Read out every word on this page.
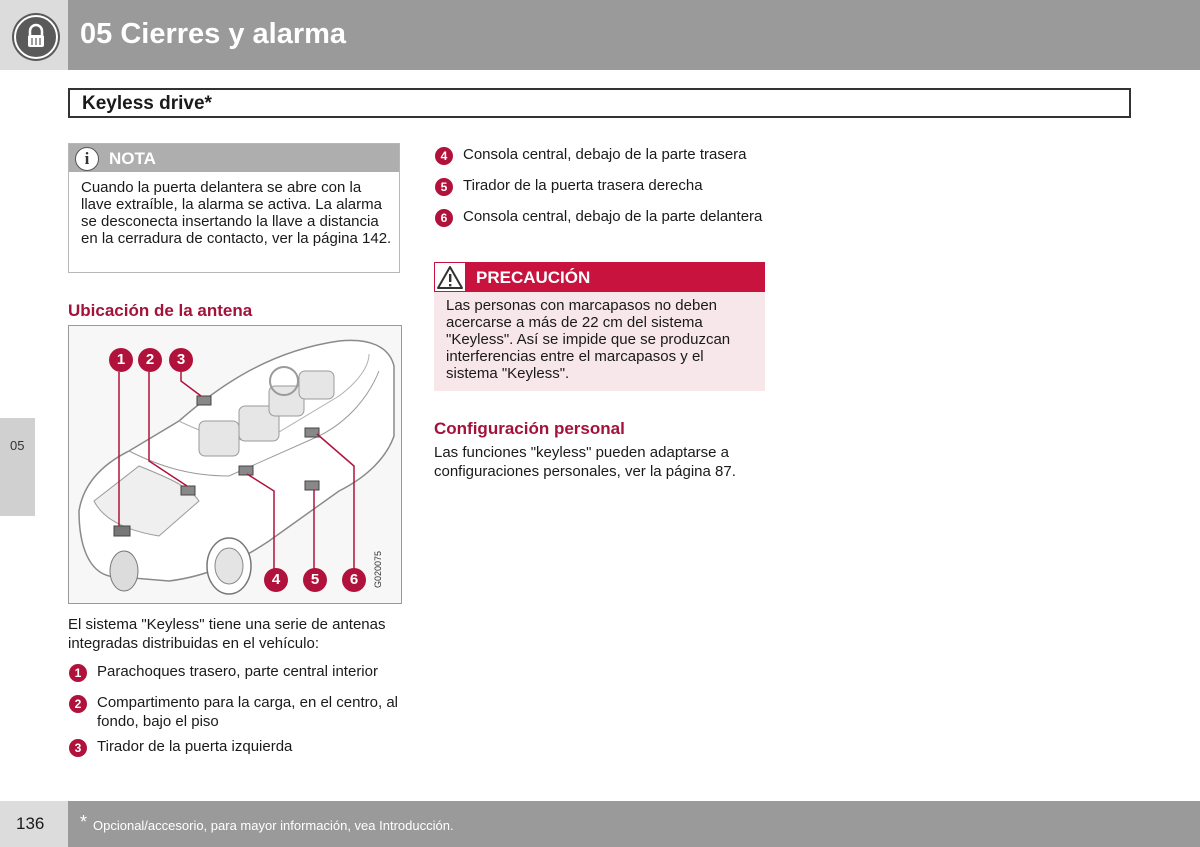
05 Cierres y alarma
Keyless drive*
05
i	NOTA
Cuando la puerta delantera se abre con la llave extraíble, la alarma se activa. La alarma se desconecta insertando la llave a distancia en la cerradura de contacto, ver la página 142.
Ubicación de la antena
1	2	3
4	5	6	G020075
El sistema "Keyless" tiene una serie de antenas integradas distribuidas en el vehículo:
1	Parachoques trasero, parte central interior
2	Compartimento para la carga, en el centro, al fondo, bajo el piso
3	Tirador de la puerta izquierda
4	Consola central, debajo de la parte trasera
5	Tirador de la puerta trasera derecha
6	Consola central, debajo de la parte delantera
PRECAUCIÓN
Las personas con marcapasos no deben acercarse a más de 22 cm del sistema "Keyless". Así se impide que se produzcan interferencias entre el marcapasos y el sistema "Keyless".
Configuración personal
Las funciones "keyless" pueden adaptarse a configuraciones personales, ver la página 87.
136 * Opcional/accesorio, para mayor información, vea Introducción.
